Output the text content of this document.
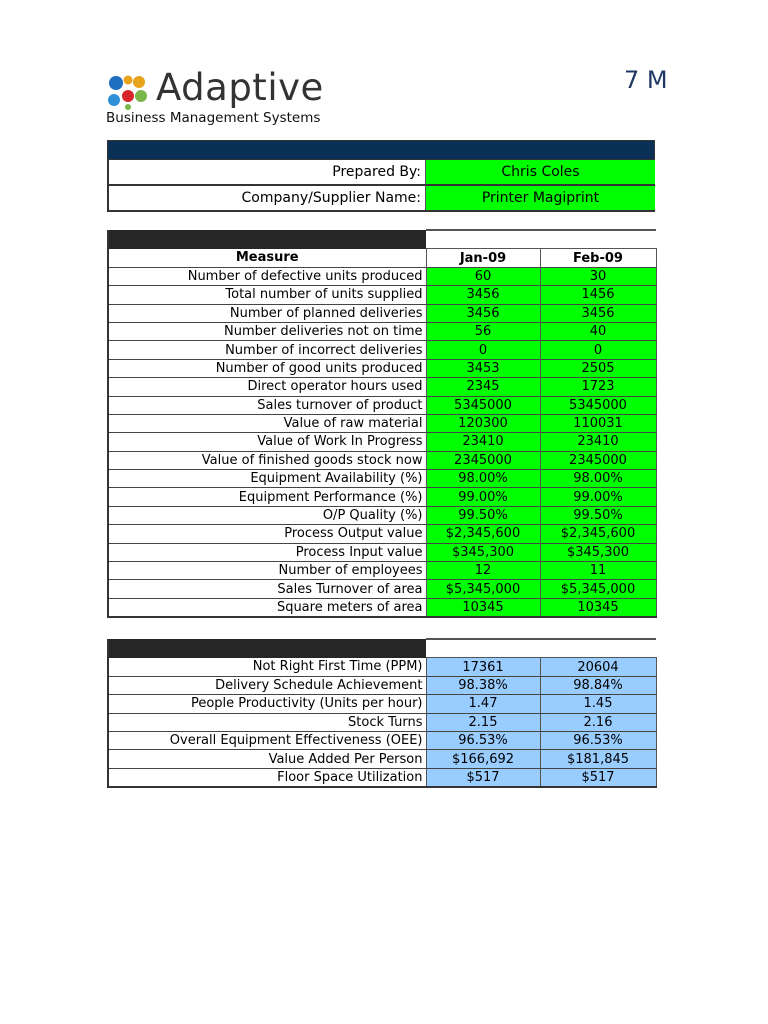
Adaptive
Business Management Systems
7 M
Prepared By:	Chris Coles
Company/Supplier Name:	Printer Magiprint

Measure	Jan-09	Feb-09
Number of defective units produced	60	30
Total number of units supplied	3456	1456
Number of planned deliveries	3456	3456
Number deliveries not on time	56	40
Number of incorrect deliveries	0	0
Number of good units produced	3453	2505
Direct operator hours used	2345	1723
Sales turnover of product	5345000	5345000
Value of raw material	120300	110031
Value of Work In Progress	23410	23410
Value of finished goods stock now	2345000	2345000
Equipment Availability (%)	98.00%	98.00%
Equipment Performance (%)	99.00%	99.00%
O/P Quality (%)	99.50%	99.50%
Process Output value	$2,345,600	$2,345,600
Process Input value	$345,300	$345,300
Number of employees	12	11
Sales Turnover of area	$5,345,000	$5,345,000
Square meters of area	10345	10345

Not Right First Time (PPM)	17361	20604
Delivery Schedule Achievement	98.38%	98.84%
People Productivity (Units per hour)	1.47	1.45
Stock Turns	2.15	2.16
Overall Equipment Effectiveness (OEE)	96.53%	96.53%
Value Added Per Person	$166,692	$181,845
Floor Space Utilization	$517	$517
